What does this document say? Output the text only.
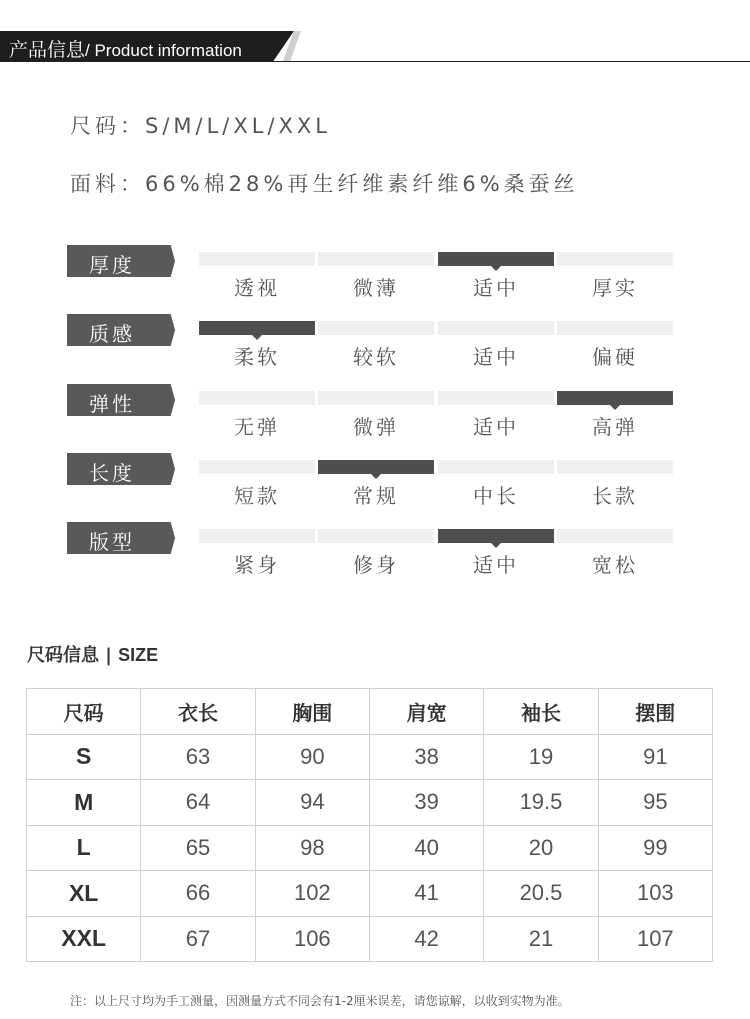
产品信息/ Product information
尺码：S/M/L/XL/XXL
面料：66%棉28%再生纤维素纤维6%桑蚕丝
厚度
透视	微薄	适中	厚实
质感
柔软	较软	适中	偏硬
弹性
无弹	微弹	适中	高弹
长度
短款	常规	中长	长款
版型
紧身	修身	适中	宽松
尺码信息 | SIZE
尺码	衣长	胸围	肩宽	袖长	摆围
S	63	90	38	19	91
M	64	94	39	19.5	95
L	65	98	40	20	99
XL	66	102	41	20.5	103
XXL	67	106	42	21	107
注：以上尺寸均为手工测量，因测量方式不同会有1-2厘米误差，请您谅解，以收到实物为准。
